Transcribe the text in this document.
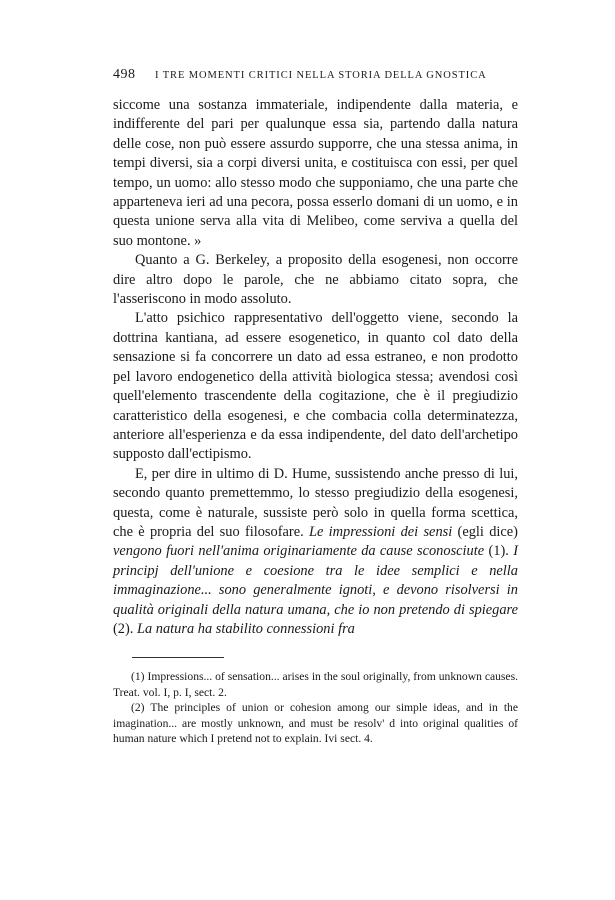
498	I TRE MOMENTI CRITICI NELLA STORIA DELLA GNOSTICA

siccome una sostanza immateriale, indipendente dalla materia, e indifferente del pari per qualunque essa sia, partendo dalla natura delle cose, non può essere assurdo supporre, che una stessa anima, in tempi diversi, sia a corpi diversi unita, e costituisca con essi, per quel tempo, un uomo: allo stesso modo che supponiamo, che una parte che apparteneva ieri ad una pecora, possa esserlo domani di un uomo, e in questa unione serva alla vita di Melibeo, come serviva a quella del suo montone. »

Quanto a G. Berkeley, a proposito della esogenesi, non occorre dire altro dopo le parole, che ne abbiamo citato sopra, che l'asseriscono in modo assoluto.

L'atto psichico rappresentativo dell'oggetto viene, secondo la dottrina kantiana, ad essere esogenetico, in quanto col dato della sensazione si fa concorrere un dato ad essa estraneo, e non prodotto pel lavoro endogenetico della attività biologica stessa; avendosi così quell'elemento trascendente della cogitazione, che è il pregiudizio caratteristico della esogenesi, e che combacia colla determinatezza, anteriore all'esperienza e da essa indipendente, del dato dell'archetipo supposto dall'ectipismo.

E, per dire in ultimo di D. Hume, sussistendo anche presso di lui, secondo quanto premettemmo, lo stesso pregiudizio della esogenesi, questa, come è naturale, sussiste però solo in quella forma scettica, che è propria del suo filosofare. Le impressioni dei sensi (egli dice) vengono fuori nell'anima originariamente da cause sconosciute (1). I principj dell'unione e coesione tra le idee semplici e nella immaginazione... sono generalmente ignoti, e devono risolversi in qualità originali della natura umana, che io non pretendo di spiegare (2). La natura ha stabilito connessioni fra

(1) Impressions... of sensation... arises in the soul originally, from unknown causes. Treat. vol. I, p. I, sect. 2.

(2) The principles of union or cohesion among our simple ideas, and in the imagination... are mostly unknown, and must be resolv' d into original qualities of human nature which I pretend not to explain. Ivi sect. 4.
